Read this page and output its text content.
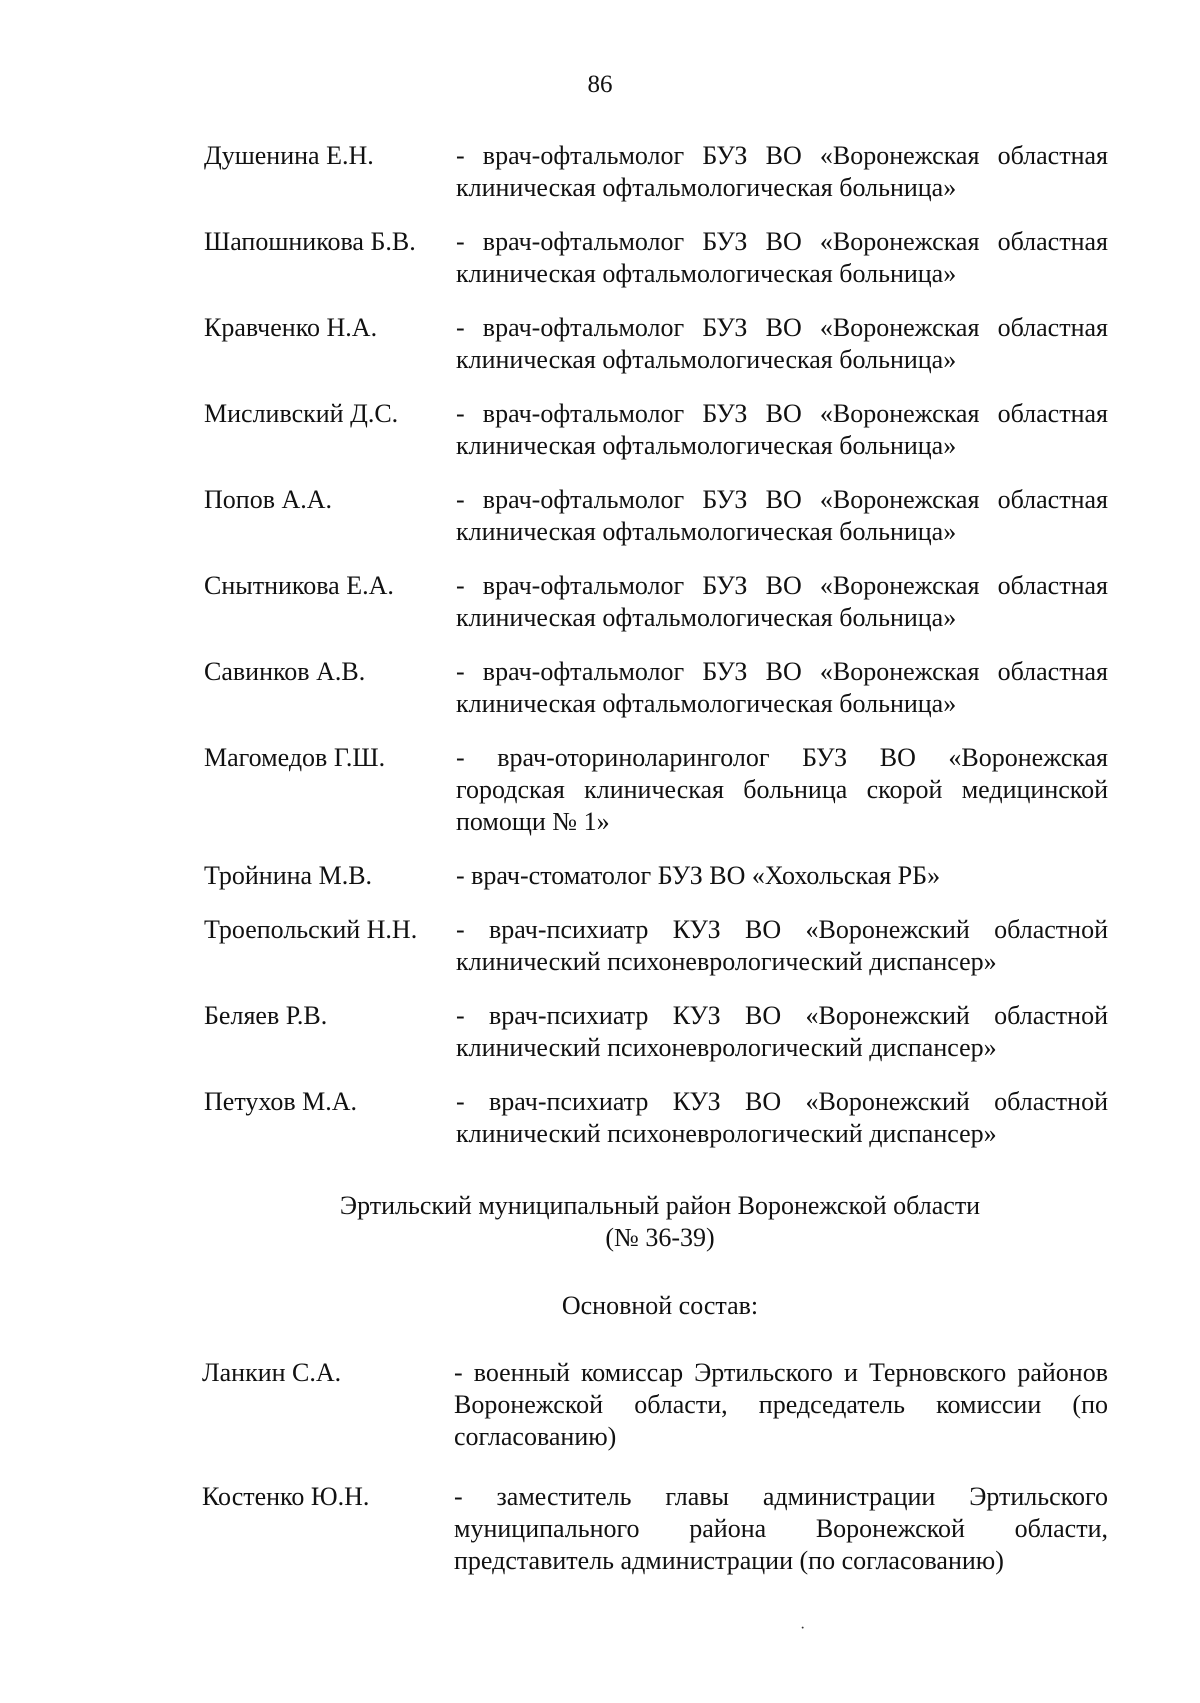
86
Душенина Е.Н.	- врач-офтальмолог БУЗ ВО «Воронежская областная клиническая офтальмологическая больница»
Шапошникова Б.В.	- врач-офтальмолог БУЗ ВО «Воронежская областная клиническая офтальмологическая больница»
Кравченко Н.А.	- врач-офтальмолог БУЗ ВО «Воронежская областная клиническая офтальмологическая больница»
Мисливский Д.С.	- врач-офтальмолог БУЗ ВО «Воронежская областная клиническая офтальмологическая больница»
Попов А.А.	- врач-офтальмолог БУЗ ВО «Воронежская областная клиническая офтальмологическая больница»
Снытникова Е.А.	- врач-офтальмолог БУЗ ВО «Воронежская областная клиническая офтальмологическая больница»
Савинков А.В.	- врач-офтальмолог БУЗ ВО «Воронежская областная клиническая офтальмологическая больница»
Магомедов Г.Ш.	- врач-оториноларинголог БУЗ ВО «Воронежская городская клиническая больница скорой медицинской помощи № 1»
Тройнина М.В.	- врач-стоматолог БУЗ ВО «Хохольская РБ»
Троепольский Н.Н.	- врач-психиатр КУЗ ВО «Воронежский областной клинический психоневрологический диспансер»
Беляев Р.В.	- врач-психиатр КУЗ ВО «Воронежский областной клинический психоневрологический диспансер»
Петухов М.А.	- врач-психиатр КУЗ ВО «Воронежский областной клинический психоневрологический диспансер»
Эртильский муниципальный район Воронежской области
(№ 36-39)
Основной состав:
Ланкин С.А.	- военный комиссар Эртильского и Терновского районов Воронежской области, председатель комиссии (по согласованию)
Костенко Ю.Н.	- заместитель главы администрации Эртильского муниципального района Воронежской области, представитель администрации (по согласованию)
·
